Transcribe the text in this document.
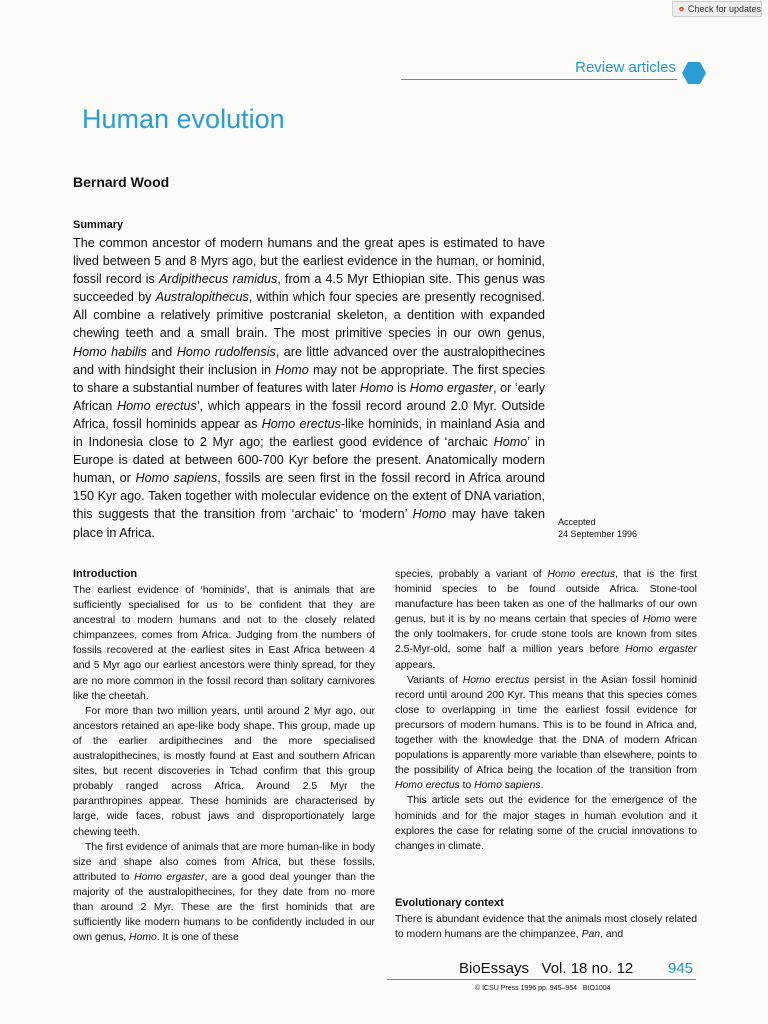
Check for updates
Review articles
Human evolution
Bernard Wood
Summary

The common ancestor of modern humans and the great apes is estimated to have lived between 5 and 8 Myrs ago, but the earliest evidence in the human, or hominid, fossil record is Ardipithecus ramidus, from a 4.5 Myr Ethiopian site. This genus was succeeded by Australopithecus, within which four species are presently recognised. All combine a relatively primitive postcranial skeleton, a dentition with expanded chewing teeth and a small brain. The most primitive species in our own genus, Homo habilis and Homo rudolfensis, are little advanced over the australopithecines and with hindsight their inclusion in Homo may not be appropriate. The first species to share a substantial number of features with later Homo is Homo ergaster, or ‘early African Homo erectus’, which appears in the fossil record around 2.0 Myr. Outside Africa, fossil hominids appear as Homo erectus-like hominids, in mainland Asia and in Indonesia close to 2 Myr ago; the earliest good evidence of ‘archaic Homo’ in Europe is dated at between 600-700 Kyr before the present. Anatomically modern human, or Homo sapiens, fossils are seen first in the fossil record in Africa around 150 Kyr ago. Taken together with molecular evidence on the extent of DNA variation, this suggests that the transition from ‘archaic’ to ‘modern’ Homo may have taken place in Africa.

Accepted
24 September 1996
Introduction

The earliest evidence of ‘hominids’, that is animals that are sufficiently specialised for us to be confident that they are ancestral to modern humans and not to the closely related chimpanzees, comes from Africa. Judging from the numbers of fossils recovered at the earliest sites in East Africa between 4 and 5 Myr ago our earliest ancestors were thinly spread, for they are no more common in the fossil record than solitary carnivores like the cheetah.

For more than two million years, until around 2 Myr ago, our ancestors retained an ape-like body shape. This group, made up of the earlier ardipithecines and the more specialised australopithecines, is mostly found at East and southern African sites, but recent discoveries in Tchad confirm that this group probably ranged across Africa. Around 2.5 Myr the paranthropines appear. These hominids are characterised by large, wide faces, robust jaws and disproportionately large chewing teeth.

The first evidence of animals that are more human-like in body size and shape also comes from Africa, but these fossils, attributed to Homo ergaster, are a good deal younger than the majority of the australopithecines, for they date from no more than around 2 Myr. These are the first hominids that are sufficiently like modern humans to be confidently included in our own genus, Homo. It is one of these

species, probably a variant of Homo erectus, that is the first hominid species to be found outside Africa. Stone-tool manufacture has been taken as one of the hallmarks of our own genus, but it is by no means certain that species of Homo were the only toolmakers, for crude stone tools are known from sites 2.5-Myr-old, some half a million years before Homo ergaster appears.

Variants of Homo erectus persist in the Asian fossil hominid record until around 200 Kyr. This means that this species comes close to overlapping in time the earliest fossil evidence for precursors of modern humans. This is to be found in Africa and, together with the knowledge that the DNA of modern African populations is apparently more variable than elsewhere, points to the possibility of Africa being the location of the transition from Homo erectus to Homo sapiens.

This article sets out the evidence for the emergence of the hominids and for the major stages in human evolution and it explores the case for relating some of the crucial innovations to changes in climate.

Evolutionary context

There is abundant evidence that the animals most closely related to modern humans are the chimpanzee, Pan, and

BioEssays   Vol. 18 no. 12 945
© ICSU Press 1996 pp. 945–954   BIO1004
